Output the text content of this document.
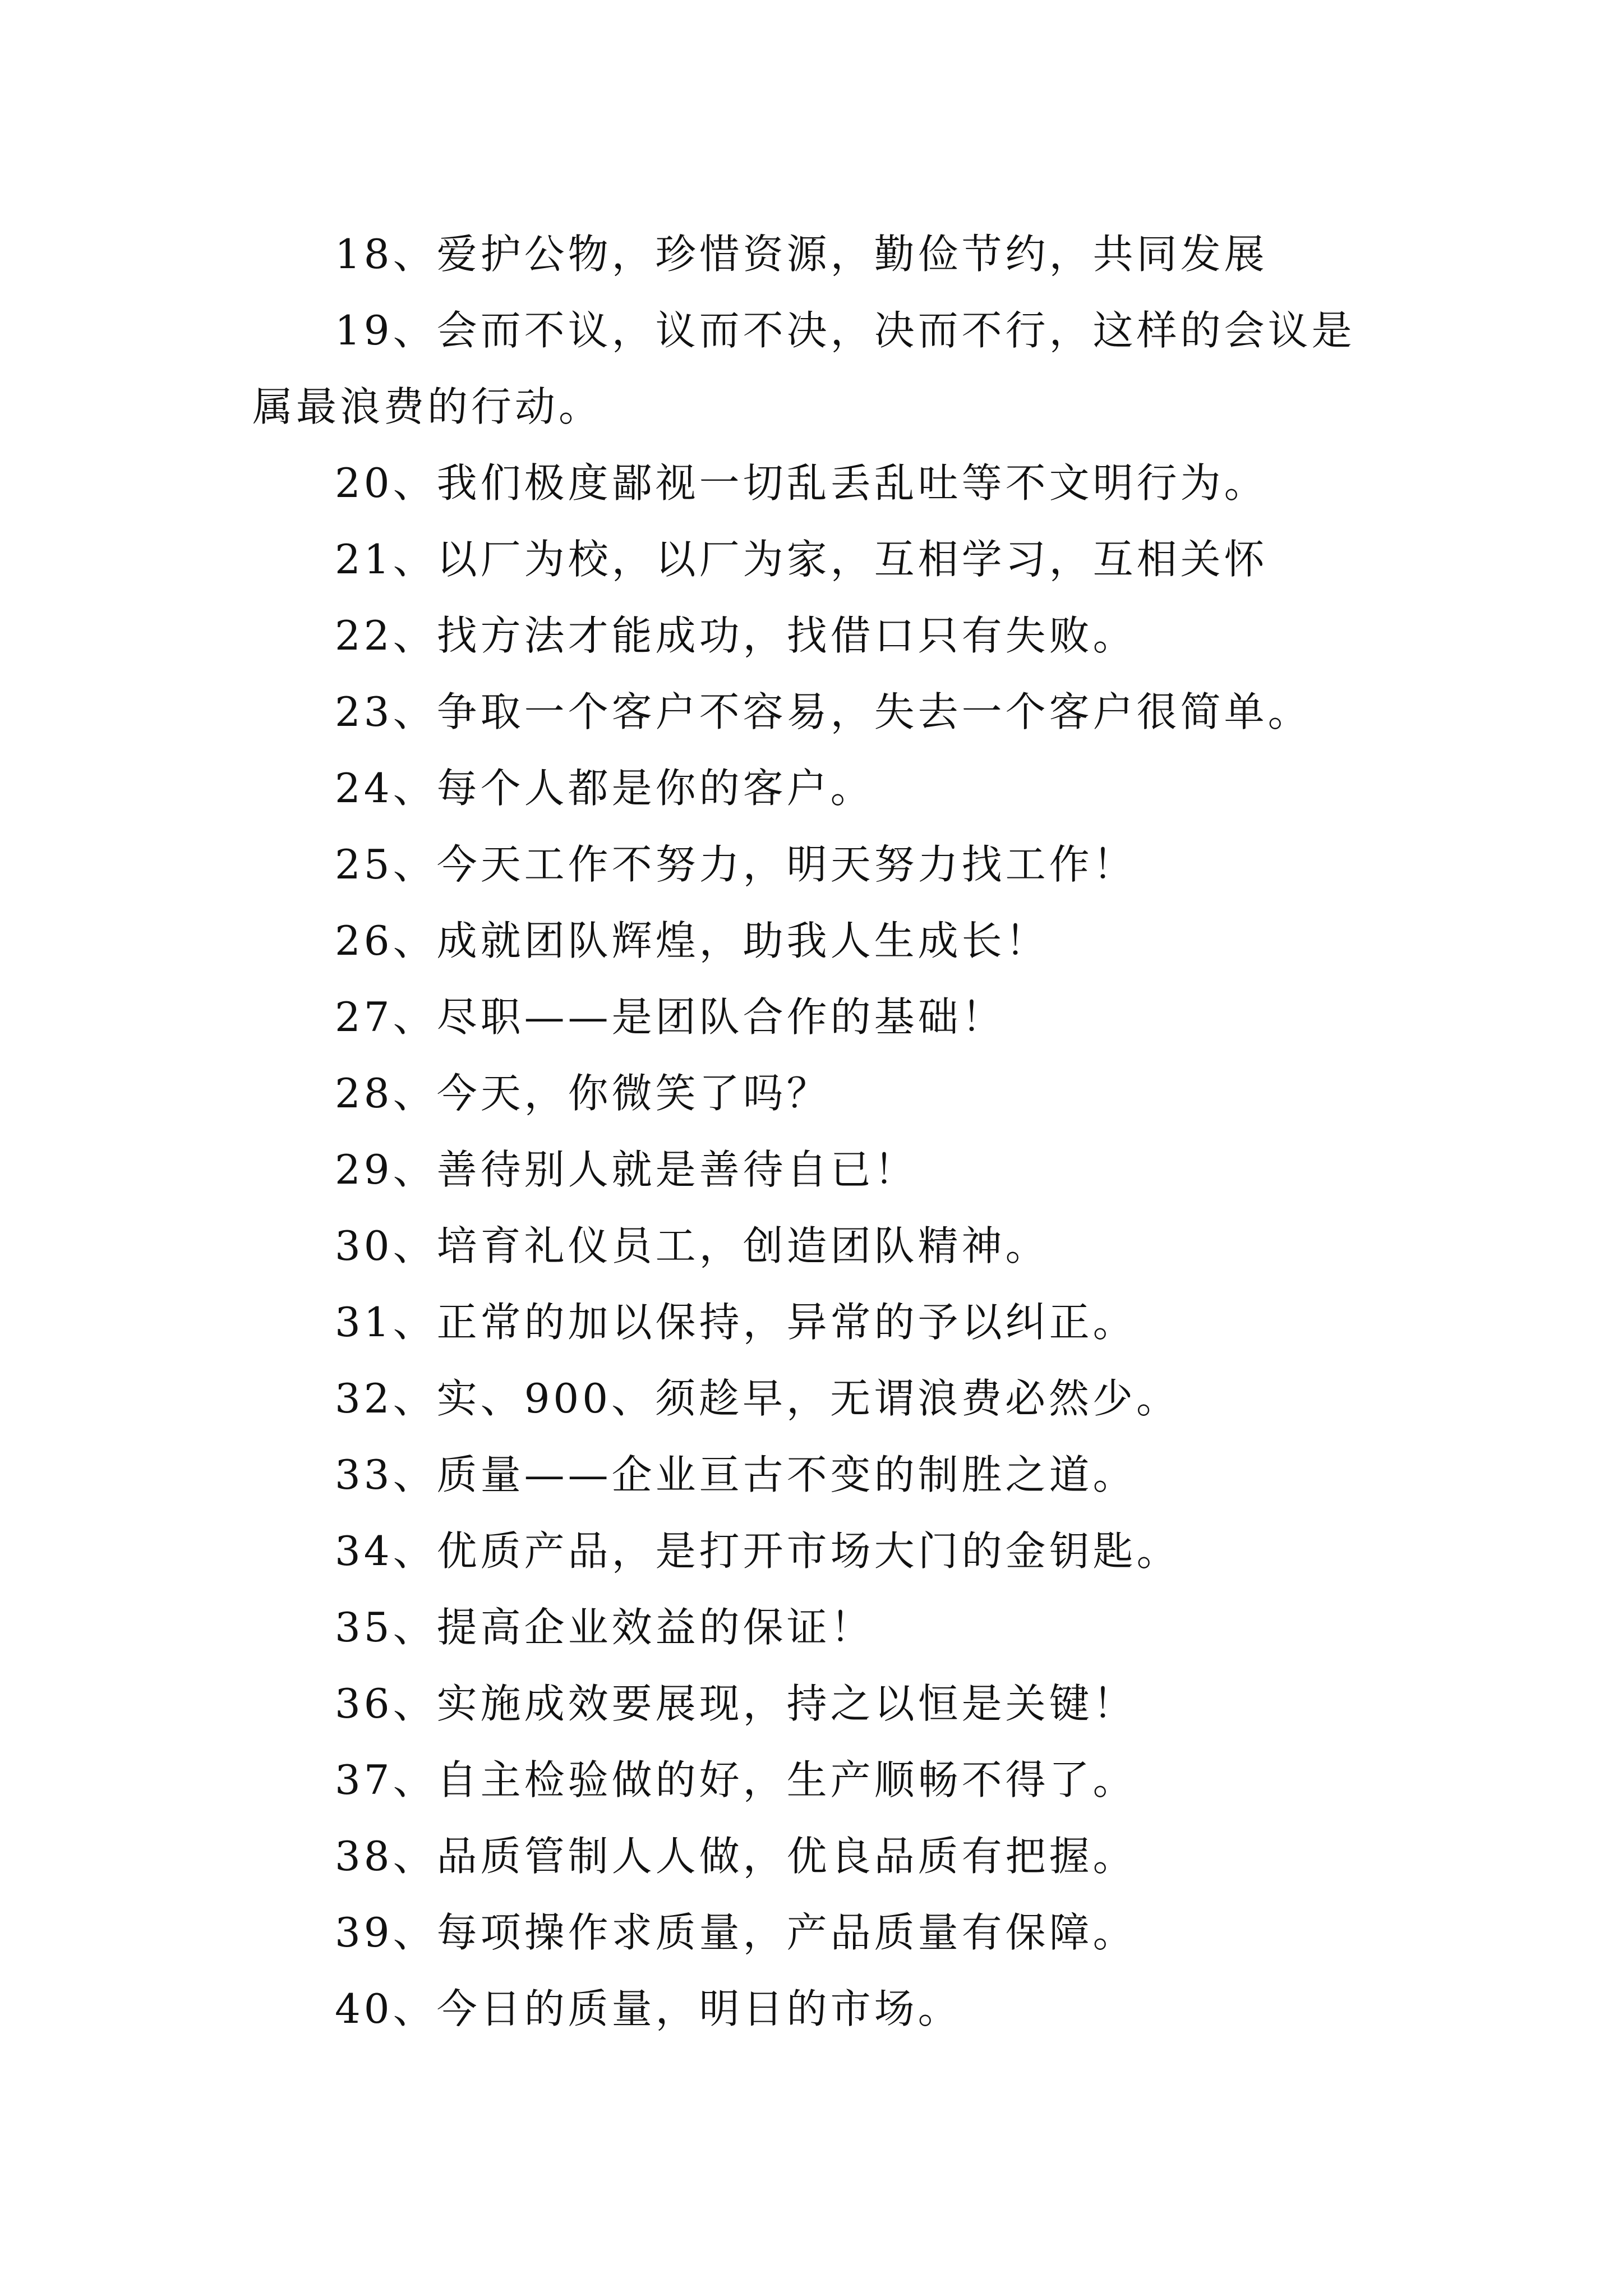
18、爱护公物，珍惜资源，勤俭节约，共同发展

19、会而不议，议而不决，决而不行，这样的会议是属最浪费的行动。

20、我们极度鄙视一切乱丢乱吐等不文明行为。

21、以厂为校，以厂为家，互相学习，互相关怀

22、找方法才能成功，找借口只有失败。

23、争取一个客户不容易，失去一个客户很简单。

24、每个人都是你的客户。

25、今天工作不努力，明天努力找工作！

26、成就团队辉煌，助我人生成长！

27、尽职——是团队合作的基础！

28、今天，你微笑了吗？

29、善待别人就是善待自已！

30、培育礼仪员工，创造团队精神。

31、正常的加以保持，异常的予以纠正。

32、实、900、须趁早，无谓浪费必然少。

33、质量——企业亘古不变的制胜之道。

34、优质产品，是打开市场大门的金钥匙。

35、提高企业效益的保证！

36、实施成效要展现，持之以恒是关键！

37、自主检验做的好，生产顺畅不得了。

38、品质管制人人做，优良品质有把握。

39、每项操作求质量，产品质量有保障。

40、今日的质量，明日的市场。
